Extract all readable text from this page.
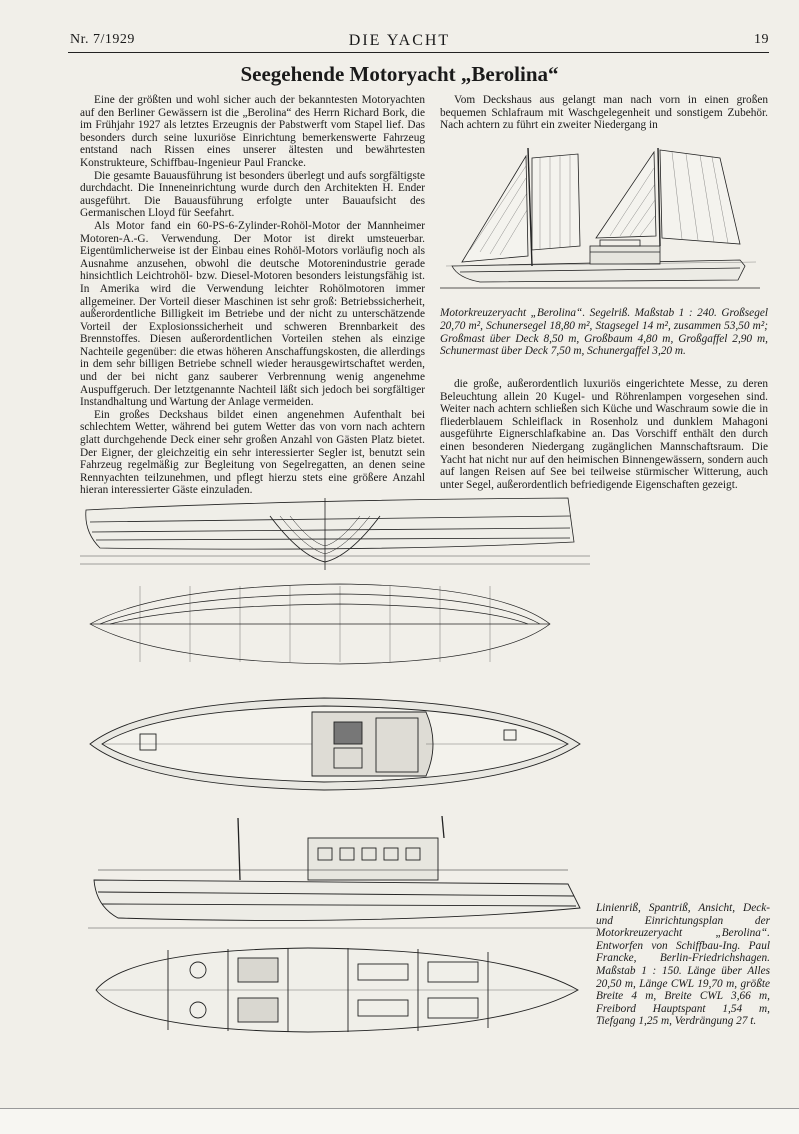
Nr. 7/1929	DIE YACHT	19
Seegehende Motoryacht „Berolina“

Eine der größten und wohl sicher auch der bekanntesten Motoryachten auf den Berliner Gewässern ist die „Berolina“ des Herrn Richard Bork, die im Frühjahr 1927 als letztes Erzeugnis der Pabstwerft vom Stapel lief. Das besonders durch seine luxuriöse Einrichtung bemerkenswerte Fahrzeug entstand nach Rissen eines unserer ältesten und bewährtesten Konstrukteure, Schiffbau-Ingenieur Paul Francke.

Die gesamte Bauausführung ist besonders überlegt und aufs sorgfältigste durchdacht. Die Inneneinrichtung wurde durch den Architekten H. Ender ausgeführt. Die Bauausführung erfolgte unter Bauaufsicht des Germanischen Lloyd für Seefahrt.

Als Motor fand ein 60-PS-6-Zylinder-Rohöl-Motor der Mannheimer Motoren-A.-G. Verwendung. Der Motor ist direkt umsteuerbar. Eigentümlicherweise ist der Einbau eines Rohöl-Motors vorläufig noch als Ausnahme anzusehen, obwohl die deutsche Motorenindustrie gerade hinsichtlich Leichtrohöl- bzw. Diesel-Motoren besonders leistungsfähig ist. In Amerika wird die Verwendung leichter Rohölmotoren immer allgemeiner. Der Vorteil dieser Maschinen ist sehr groß: Betriebssicherheit, außerordentliche Billigkeit im Betriebe und der nicht zu unterschätzende Vorteil der Explosionssicherheit und schweren Brennbarkeit des Brennstoffes. Diesen außerordentlichen Vorteilen stehen als einzige Nachteile gegenüber: die etwas höheren Anschaffungskosten, die allerdings in dem sehr billigen Betriebe schnell wieder herausgewirtschaftet werden, und der bei nicht ganz sauberer Verbrennung wenig angenehme Auspuffgeruch. Der letztgenannte Nachteil läßt sich jedoch bei sorgfältiger Instandhaltung und Wartung der Anlage vermeiden.

Ein großes Deckshaus bildet einen angenehmen Aufenthalt bei schlechtem Wetter, während bei gutem Wetter das von vorn nach achtern glatt durchgehende Deck einer sehr großen Anzahl von Gästen Platz bietet. Der Eigner, der gleichzeitig ein sehr interessierter Segler ist, benutzt sein Fahrzeug regelmäßig zur Begleitung von Segelregatten, an denen seine Rennyachten teilzunehmen, und pflegt hierzu stets eine größere Anzahl hieran interessierter Gäste einzuladen.

Vom Deckshaus aus gelangt man nach vorn in einen großen bequemen Schlafraum mit Waschgelegenheit und sonstigem Zubehör. Nach achtern zu führt ein zweiter Niedergang in

Motorkreuzeryacht „Berolina“. Segelriß. Maßstab 1 : 240. Großsegel 20,70 m², Schunersegel 18,80 m², Stagsegel 14 m², zusammen 53,50 m²; Großmast über Deck 8,50 m, Großbaum 4,80 m, Großgaffel 2,90 m, Schunermast über Deck 7,50 m, Schunergaffel 3,20 m.

die große, außerordentlich luxuriös eingerichtete Messe, zu deren Beleuchtung allein 20 Kugel- und Röhrenlampen vorgesehen sind. Weiter nach achtern schließen sich Küche und Waschraum sowie die in fliederblauem Schleiflack in Rosenholz und dunklem Mahagoni ausgeführte Eignerschlafkabine an. Das Vorschiff enthält den durch einen besonderen Niedergang zugänglichen Mannschaftsraum. Die Yacht hat nicht nur auf den heimischen Binnengewässern, sondern auch auf langen Reisen auf See bei teilweise stürmischer Witterung, auch unter Segel, außerordentlich befriedigende Eigenschaften gezeigt.

Linienriß, Spantriß, Ansicht, Deck- und Einrichtungsplan der Motorkreuzeryacht „Berolina“. Entworfen von Schiffbau-Ing. Paul Francke, Berlin-Friedrichshagen. Maßstab 1 : 150. Länge über Alles 20,50 m, Länge CWL 19,70 m, größte Breite 4 m, Breite CWL 3,66 m, Freibord Hauptspant 1,54 m, Tiefgang 1,25 m, Verdrängung 27 t.
